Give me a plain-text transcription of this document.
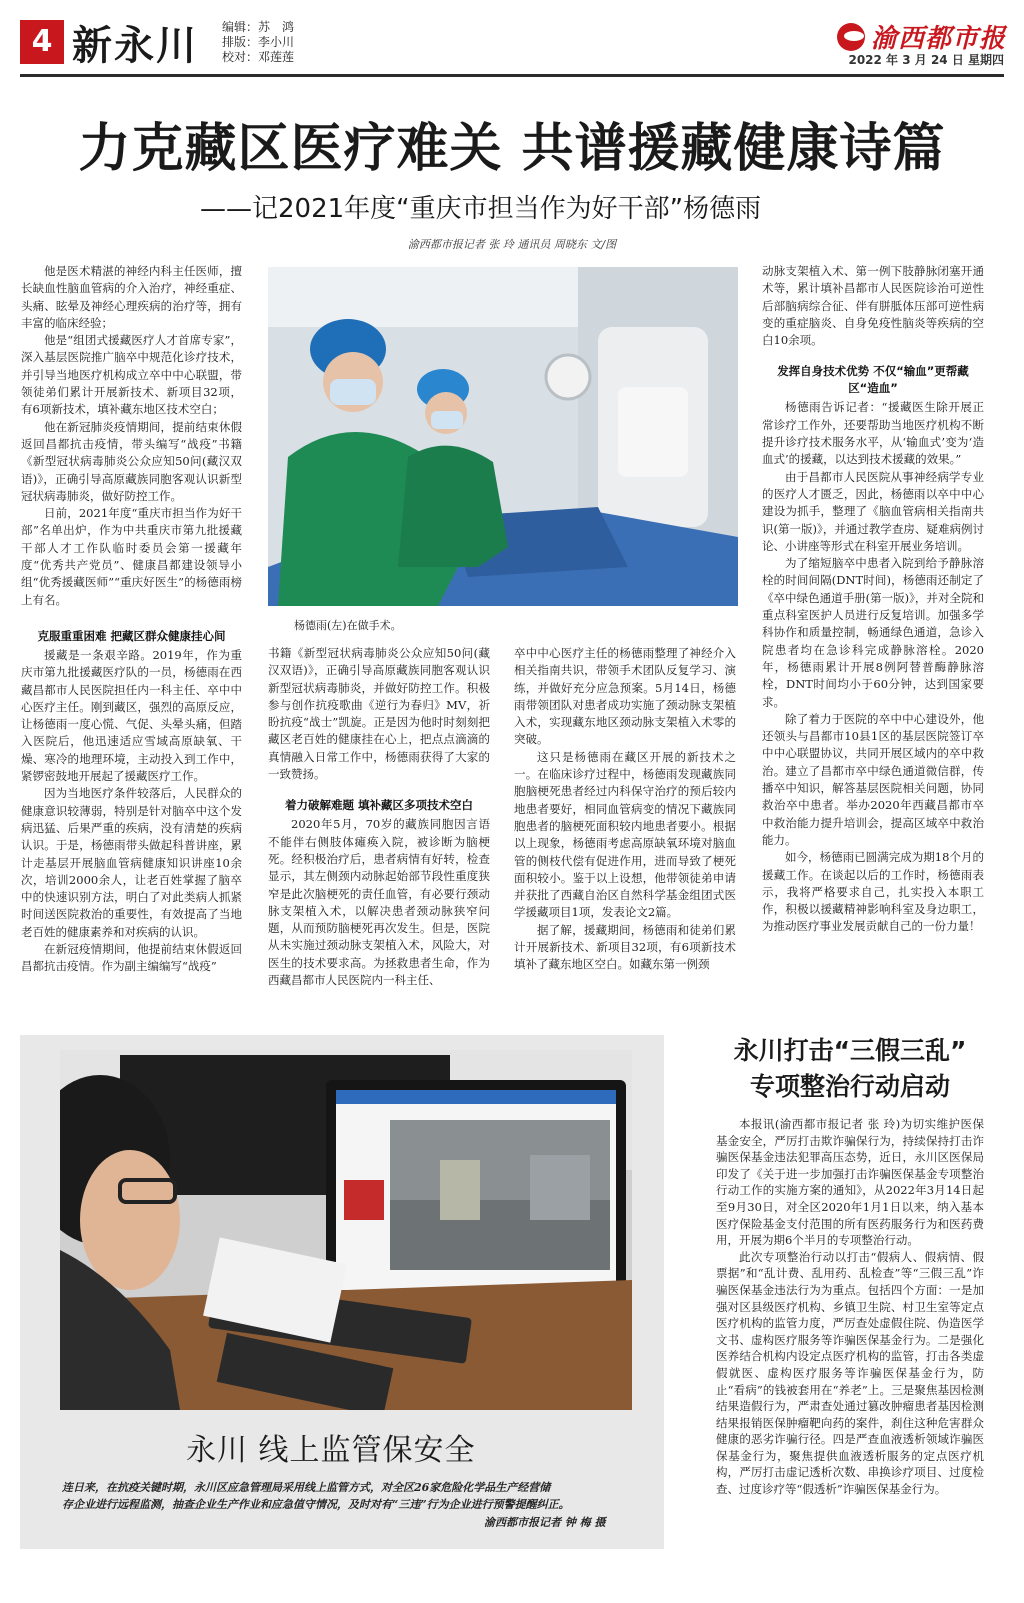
4 新永川 编辑：苏　鸿
排版：李小川
校对：邓莲莲
渝西都市报
2022 年 3 月 24 日 星期四
力克藏区医疗难关 共谱援藏健康诗篇
——记2021年度“重庆市担当作为好干部”杨德雨
渝西都市报记者 张 玲 通讯员 周晓东 文/图

他是医术精湛的神经内科主任医师，擅长缺血性脑血管病的介入治疗，神经重症、头痛、眩晕及神经心理疾病的治疗等，拥有丰富的临床经验；

他是“组团式援藏医疗人才首席专家”，深入基层医院推广脑卒中规范化诊疗技术，并引导当地医疗机构成立卒中中心联盟，带领徒弟们累计开展新技术、新项目32项，有6项新技术，填补藏东地区技术空白；

他在新冠肺炎疫情期间，提前结束休假返回昌都抗击疫情，带头编写“战疫”书籍《新型冠状病毒肺炎公众应知50问(藏汉双语)》，正确引导高原藏族同胞客观认识新型冠状病毒肺炎，做好防控工作。

日前，2021年度“重庆市担当作为好干部”名单出炉，作为中共重庆市第九批援藏干部人才工作队临时委员会第一援藏年度“优秀共产党员”、健康昌都建设领导小组“优秀援藏医师”“重庆好医生”的杨德雨榜上有名。

克服重重困难 把藏区群众健康挂心间

援藏是一条艰辛路。2019年，作为重庆市第九批援藏医疗队的一员，杨德雨在西藏昌都市人民医院担任内一科主任、卒中中心医疗主任。刚到藏区，强烈的高原反应，让杨德雨一度心慌、气促、头晕头痛，但踏入医院后，他迅速适应雪域高原缺氧、干燥、寒冷的地理环境，主动投入到工作中，紧锣密鼓地开展起了援藏医疗工作。

因为当地医疗条件较落后，人民群众的健康意识较薄弱，特别是针对脑卒中这个发病迅猛、后果严重的疾病，没有清楚的疾病认识。于是，杨德雨带头做起科普讲座，累计走基层开展脑血管病健康知识讲座10余次，培训2000余人，让老百姓掌握了脑卒中的快速识别方法，明白了对此类病人抓紧时间送医院救治的重要性，有效提高了当地老百姓的健康素养和对疾病的认识。

在新冠疫情期间，他提前结束休假返回昌都抗击疫情。作为副主编编写“战疫”

杨德雨(左)在做手术。

书籍《新型冠状病毒肺炎公众应知50问(藏汉双语)》，正确引导高原藏族同胞客观认识新型冠状病毒肺炎，并做好防控工作。积极参与创作抗疫歌曲《逆行为春归》MV，祈盼抗疫“战士”凯旋。正是因为他时时刻刻把藏区老百姓的健康挂在心上，把点点滴滴的真情融入日常工作中，杨德雨获得了大家的一致赞扬。

着力破解难题 填补藏区多项技术空白

2020年5月，70岁的藏族同胞因言语不能伴右侧肢体瘫痪入院，被诊断为脑梗死。经积极治疗后，患者病情有好转，检查显示，其左侧颈内动脉起始部节段性重度狭窄是此次脑梗死的责任血管，有必要行颈动脉支架植入术，以解决患者颈动脉狭窄问题，从而预防脑梗死再次发生。但是，医院从未实施过颈动脉支架植入术，风险大，对医生的技术要求高。为拯救患者生命，作为西藏昌都市人民医院内一科主任、

卒中中心医疗主任的杨德雨整理了神经介入相关指南共识，带领手术团队反复学习、演练，并做好充分应急预案。5月14日，杨德雨带领团队对患者成功实施了颈动脉支架植入术，实现藏东地区颈动脉支架植入术零的突破。

这只是杨德雨在藏区开展的新技术之一。在临床诊疗过程中，杨德雨发现藏族同胞脑梗死患者经过内科保守治疗的预后较内地患者要好，相同血管病变的情况下藏族同胞患者的脑梗死面积较内地患者要小。根据以上现象，杨德雨考虑高原缺氧环境对脑血管的侧枝代偿有促进作用，进而导致了梗死面积较小。鉴于以上设想，他带领徒弟申请并获批了西藏自治区自然科学基金组团式医学援藏项目1项，发表论文2篇。

据了解，援藏期间，杨德雨和徒弟们累计开展新技术、新项目32项，有6项新技术填补了藏东地区空白。如藏东第一例颈

动脉支架植入术、第一例下肢静脉闭塞开通术等，累计填补昌都市人民医院诊治可逆性后部脑病综合征、伴有胼胝体压部可逆性病变的重症脑炎、自身免疫性脑炎等疾病的空白10余项。

发挥自身技术优势 不仅“输血”更帮藏区“造血”

杨德雨告诉记者：“援藏医生除开展正常诊疗工作外，还要帮助当地医疗机构不断提升诊疗技术服务水平，从‘输血式’变为‘造血式’的援藏，以达到技术援藏的效果。”

由于昌都市人民医院从事神经病学专业的医疗人才匮乏，因此，杨德雨以卒中中心建设为抓手，整理了《脑血管病相关指南共识(第一版)》，并通过教学查房、疑难病例讨论、小讲座等形式在科室开展业务培训。

为了缩短脑卒中患者入院到给予静脉溶栓的时间间隔(DNT时间)，杨德雨还制定了《卒中绿色通道手册(第一版)》，并对全院和重点科室医护人员进行反复培训。加强多学科协作和质量控制，畅通绿色通道，急诊入院患者均在急诊科完成静脉溶栓。2020年，杨德雨累计开展8例阿替普酶静脉溶栓，DNT时间均小于60分钟，达到国家要求。

除了着力于医院的卒中中心建设外，他还领头与昌都市10县1区的基层医院签订卒中中心联盟协议，共同开展区域内的卒中救治。建立了昌都市卒中绿色通道微信群，传播卒中知识，解答基层医院相关问题，协同救治卒中患者。举办2020年西藏昌都市卒中救治能力提升培训会，提高区域卒中救治能力。

如今，杨德雨已圆满完成为期18个月的援藏工作。在谈起以后的工作时，杨德雨表示，我将严格要求自己，扎实投入本职工作，积极以援藏精神影响科室及身边职工，为推动医疗事业发展贡献自己的一份力量！

永川 线上监管保安全
连日来，在抗疫关键时期，永川区应急管理局采用线上监管方式，对全区26家危险化学品生产经营储
存企业进行远程监测，抽查企业生产作业和应急值守情况，及时对有“三违”行为企业进行预警提醒纠正。
渝西都市报记者 钟 梅 摄
永川打击“三假三乱”
专项整治行动启动

本报讯(渝西都市报记者 张 玲)为切实维护医保基金安全，严厉打击欺诈骗保行为，持续保持打击诈骗医保基金违法犯罪高压态势，近日，永川区医保局印发了《关于进一步加强打击诈骗医保基金专项整治行动工作的实施方案的通知》，从2022年3月14日起至9月30日，对全区2020年1月1日以来，纳入基本医疗保险基金支付范围的所有医药服务行为和医药费用，开展为期6个半月的专项整治行动。

此次专项整治行动以打击“假病人、假病情、假票据”和“乱计费、乱用药、乱检查”等“三假三乱”诈骗医保基金违法行为为重点。包括四个方面：一是加强对区县级医疗机构、乡镇卫生院、村卫生室等定点医疗机构的监管力度，严厉查处虚假住院、伪造医学文书、虚构医疗服务等诈骗医保基金行为。二是强化医养结合机构内设定点医疗机构的监管，打击各类虚假就医、虚构医疗服务等诈骗医保基金行为，防止“看病”的钱被套用在“养老”上。三是聚焦基因检测结果造假行为，严肃查处通过篡改肿瘤患者基因检测结果报销医保肿瘤靶向药的案件，刹住这种危害群众健康的恶劣诈骗行径。四是严查血液透析领域诈骗医保基金行为，聚焦提供血液透析服务的定点医疗机构，严厉打击虚记透析次数、串换诊疗项目、过度检查、过度诊疗等“假透析”诈骗医保基金行为。
